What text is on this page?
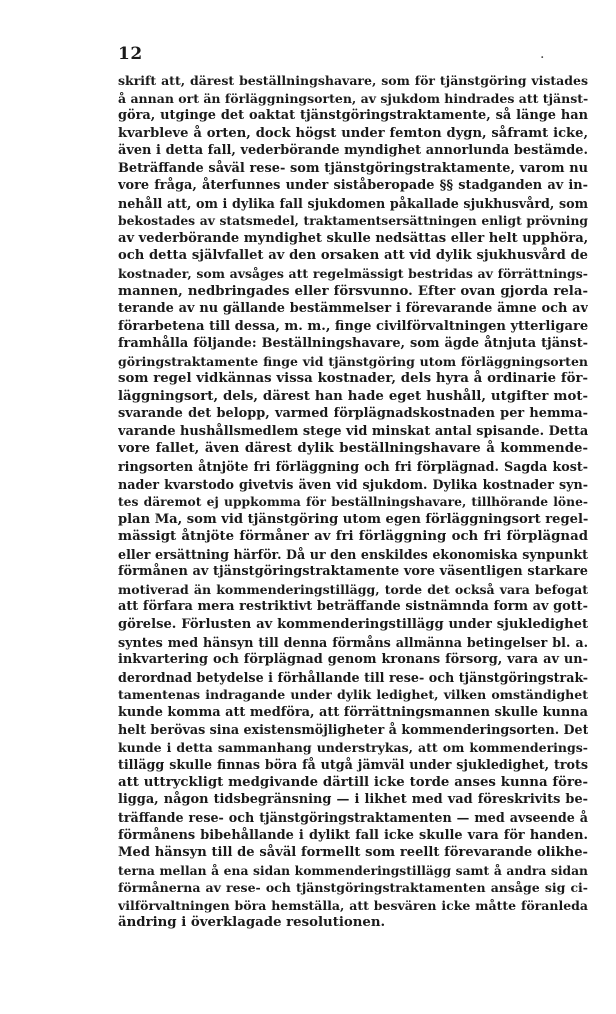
12	.
skrift att, därest beställningshavare, som för tjänstgöring vistades
å annan ort än förläggningsorten, av sjukdom hindrades att tjänst-
göra, utginge det oaktat tjänstgöringstraktamente, så länge han
kvarbleve å orten, dock högst under femton dygn, såframt icke,
även i detta fall, vederbörande myndighet annorlunda bestämde.
Beträffande såväl rese- som tjänstgöringstraktamente, varom nu
vore fråga, återfunnes under siståberopade §§ stadganden av in-
nehåll att, om i dylika fall sjukdomen påkallade sjukhusvård, som
bekostades av statsmedel, traktamentsersättningen enligt prövning
av vederbörande myndighet skulle nedsättas eller helt upphöra,
och detta självfallet av den orsaken att vid dylik sjukhusvård de
kostnader, som avsåges att regelmässigt bestridas av förrättnings-
mannen, nedbringades eller försvunno. Efter ovan gjorda rela-
terande av nu gällande bestämmelser i förevarande ämne och av
förarbetena till dessa, m. m., finge civilförvaltningen ytterligare
framhålla följande: Beställningshavare, som ägde åtnjuta tjänst-
göringstraktamente finge vid tjänstgöring utom förläggningsorten
som regel vidkännas vissa kostnader, dels hyra å ordinarie för-
läggningsort, dels, därest han hade eget hushåll, utgifter mot-
svarande det belopp, varmed förplägnadskostnaden per hemma-
varande hushållsmedlem stege vid minskat antal spisande. Detta
vore fallet, även därest dylik beställningshavare å kommende-
ringsorten åtnjöte fri förläggning och fri förplägnad. Sagda kost-
nader kvarstodo givetvis även vid sjukdom. Dylika kostnader syn-
tes däremot ej uppkomma för beställningshavare, tillhörande löne-
plan Ma, som vid tjänstgöring utom egen förläggningsort regel-
mässigt åtnjöte förmåner av fri förläggning och fri förplägnad
eller ersättning härför. Då ur den enskildes ekonomiska synpunkt
förmånen av tjänstgöringstraktamente vore väsentligen starkare
motiverad än kommenderingstillägg, torde det också vara befogat
att förfara mera restriktivt beträffande sistnämnda form av gott-
görelse. Förlusten av kommenderingstillägg under sjukledighet
syntes med hänsyn till denna förmåns allmänna betingelser bl. a.
inkvartering och förplägnad genom kronans försorg, vara av un-
derordnad betydelse i förhållande till rese- och tjänstgöringstrak-
tamentenas indragande under dylik ledighet, vilken omständighet
kunde komma att medföra, att förrättningsmannen skulle kunna
helt berövas sina existensmöjligheter å kommenderingsorten. Det
kunde i detta sammanhang understrykas, att om kommenderings-
tillägg skulle finnas böra få utgå jämväl under sjukledighet, trots
att uttryckligt medgivande därtill icke torde anses kunna före-
ligga, någon tidsbegränsning — i likhet med vad föreskrivits be-
träffande rese- och tjänstgöringstraktamenten — med avseende å
förmånens bibehållande i dylikt fall icke skulle vara för handen.
Med hänsyn till de såväl formellt som reellt förevarande olikhe-
terna mellan å ena sidan kommenderingstillägg samt å andra sidan
förmånerna av rese- och tjänstgöringstraktamenten ansåge sig ci-
vilförvaltningen böra hemställa, att besvären icke måtte föranleda
ändring i överklagade resolutionen.
